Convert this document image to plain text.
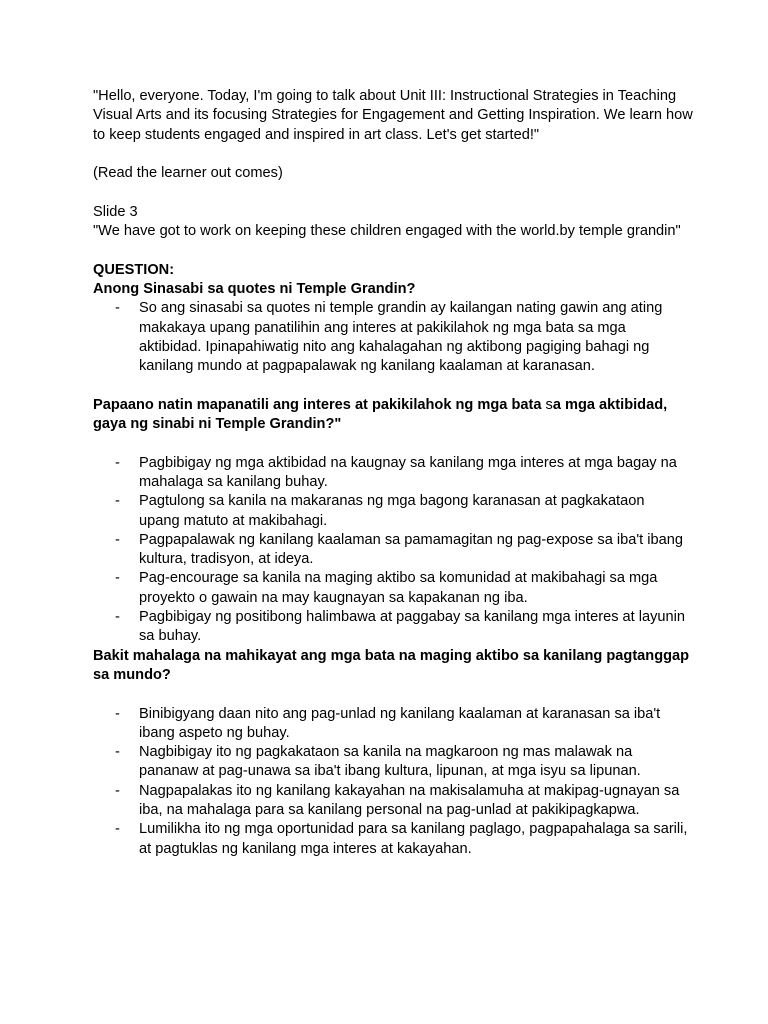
"Hello, everyone. Today, I'm going to talk about Unit III: Instructional Strategies in Teaching Visual Arts and its focusing Strategies for Engagement and Getting Inspiration. We learn how to keep students engaged and inspired in art class. Let's get started!"

(Read the learner out comes)

Slide 3

"We have got to work on keeping these children engaged with the world.by temple grandin"

QUESTION:

Anong Sinasabi sa quotes ni Temple Grandin?

- So ang sinasabi sa quotes ni temple grandin ay kailangan nating gawin ang ating makakaya upang panatilihin ang interes at pakikilahok ng mga bata sa mga aktibidad. Ipinapahiwatig nito ang kahalagahan ng aktibong pagiging bahagi ng kanilang mundo at pagpapalawak ng kanilang kaalaman at karanasan.

Papaano natin mapanatili ang interes at pakikilahok ng mga bata sa mga aktibidad, gaya ng sinabi ni Temple Grandin?"

- Pagbibigay ng mga aktibidad na kaugnay sa kanilang mga interes at mga bagay na mahalaga sa kanilang buhay.
- Pagtulong sa kanila na makaranas ng mga bagong karanasan at pagkakataon upang matuto at makibahagi.
- Pagpapalawak ng kanilang kaalaman sa pamamagitan ng pag-expose sa iba't ibang kultura, tradisyon, at ideya.
- Pag-encourage sa kanila na maging aktibo sa komunidad at makibahagi sa mga proyekto o gawain na may kaugnayan sa kapakanan ng iba.
- Pagbibigay ng positibong halimbawa at paggabay sa kanilang mga interes at layunin sa buhay.

Bakit mahalaga na mahikayat ang mga bata na maging aktibo sa kanilang pagtanggap sa mundo?

- Binibigyang daan nito ang pag-unlad ng kanilang kaalaman at karanasan sa iba't ibang aspeto ng buhay.
- Nagbibigay ito ng pagkakataon sa kanila na magkaroon ng mas malawak na pananaw at pag-unawa sa iba't ibang kultura, lipunan, at mga isyu sa lipunan.
- Nagpapalakas ito ng kanilang kakayahan na makisalamuha at makipag-ugnayan sa iba, na mahalaga para sa kanilang personal na pag-unlad at pakikipagkapwa.
- Lumilikha ito ng mga oportunidad para sa kanilang paglago, pagpapahalaga sa sarili, at pagtuklas ng kanilang mga interes at kakayahan.
